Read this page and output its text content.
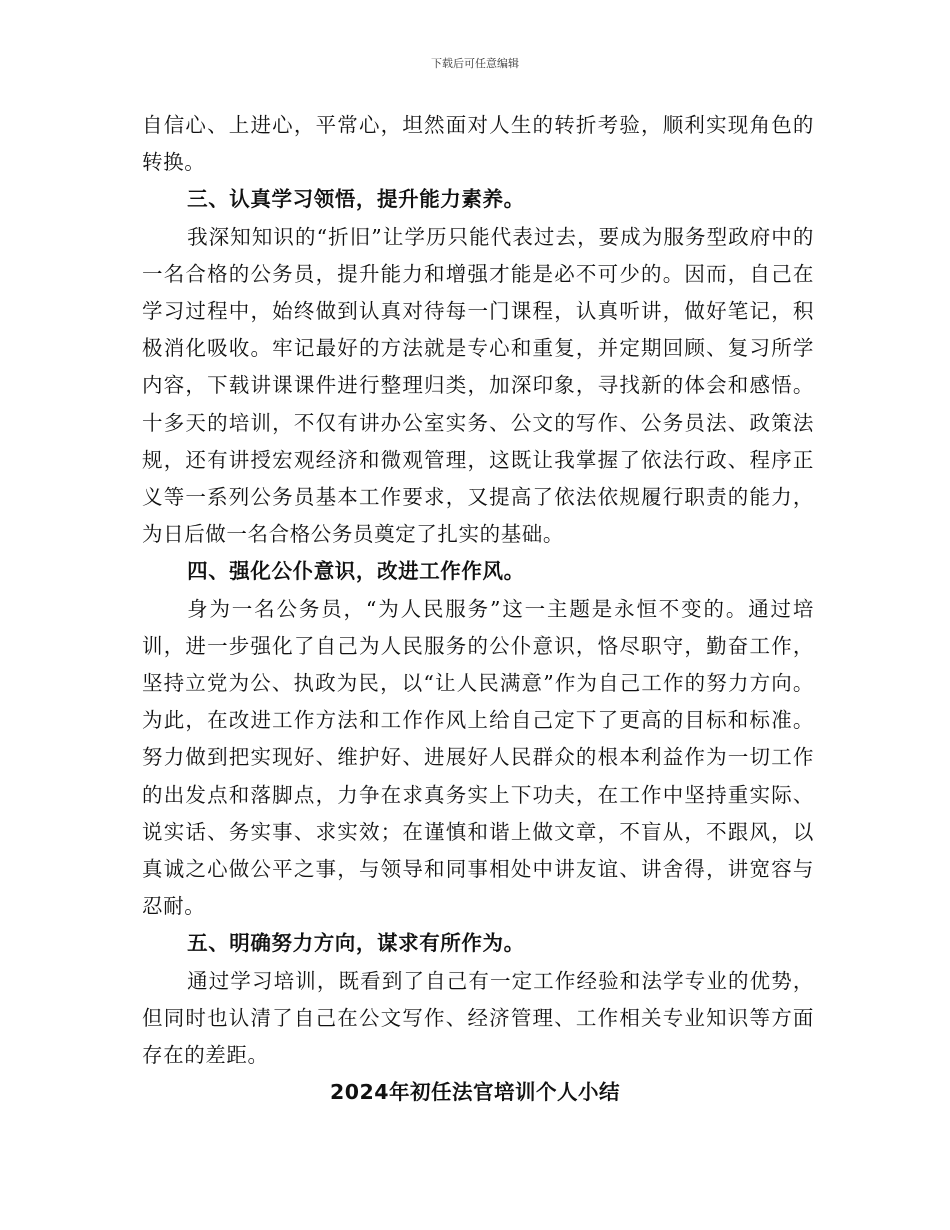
下载后可任意编辑

自信心、上进心，平常心，坦然面对人生的转折考验，顺利实现角色的转换。

三、认真学习领悟，提升能力素养。

我深知知识的“折旧”让学历只能代表过去，要成为服务型政府中的一名合格的公务员，提升能力和增强才能是必不可少的。因而，自己在学习过程中，始终做到认真对待每一门课程，认真听讲，做好笔记，积极消化吸收。牢记最好的方法就是专心和重复，并定期回顾、复习所学内容，下载讲课课件进行整理归类，加深印象，寻找新的体会和感悟。十多天的培训，不仅有讲办公室实务、公文的写作、公务员法、政策法规，还有讲授宏观经济和微观管理，这既让我掌握了依法行政、程序正义等一系列公务员基本工作要求，又提高了依法依规履行职责的能力，为日后做一名合格公务员奠定了扎实的基础。

四、强化公仆意识，改进工作作风。

身为一名公务员，“为人民服务”这一主题是永恒不变的。通过培训，进一步强化了自己为人民服务的公仆意识，恪尽职守，勤奋工作，坚持立党为公、执政为民，以“让人民满意”作为自己工作的努力方向。为此，在改进工作方法和工作作风上给自己定下了更高的目标和标准。努力做到把实现好、维护好、进展好人民群众的根本利益作为一切工作的出发点和落脚点，力争在求真务实上下功夫，在工作中坚持重实际、说实话、务实事、求实效；在谨慎和谐上做文章，不盲从，不跟风，以真诚之心做公平之事，与领导和同事相处中讲友谊、讲舍得，讲宽容与忍耐。

五、明确努力方向，谋求有所作为。

通过学习培训，既看到了自己有一定工作经验和法学专业的优势，但同时也认清了自己在公文写作、经济管理、工作相关专业知识等方面存在的差距。

2024年初任法官培训个人小结
